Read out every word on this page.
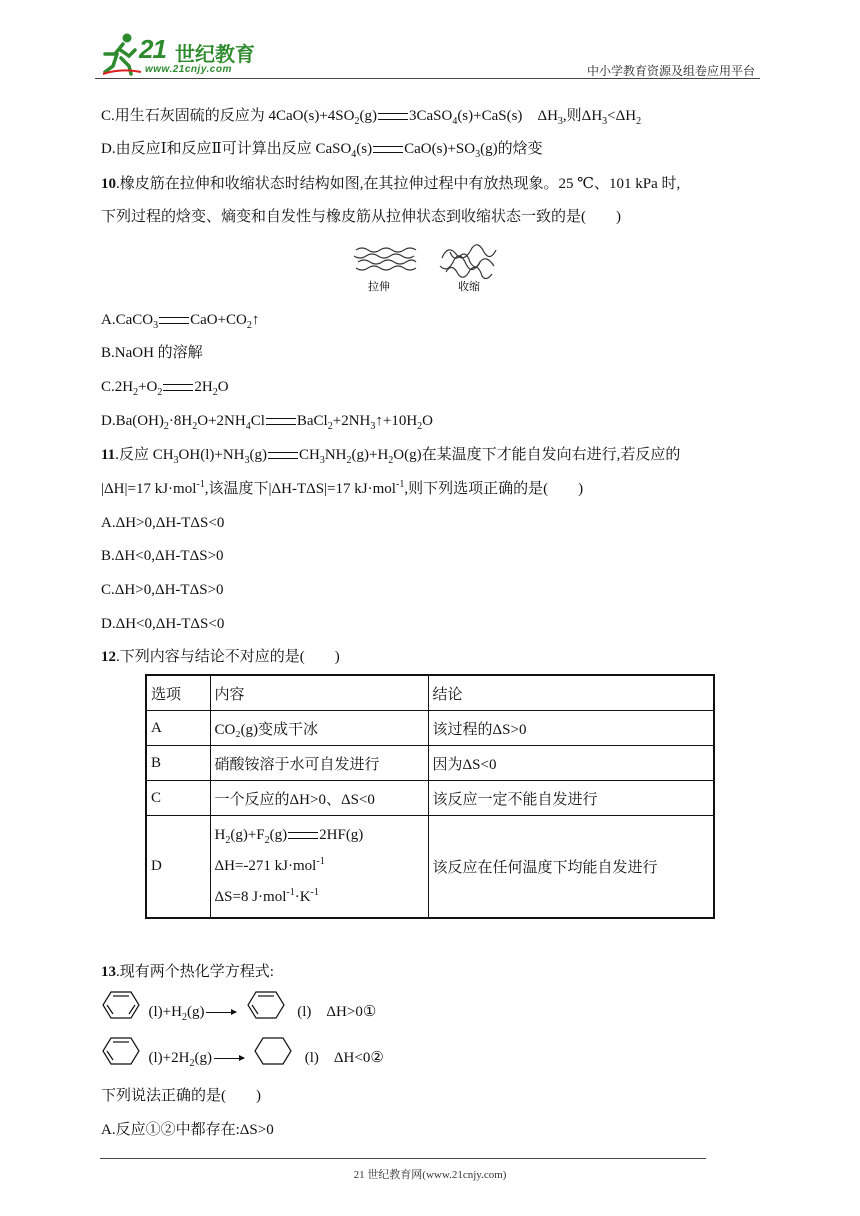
21 世纪教育
www.21cnjy.com	中小学教育资源及组卷应用平台
C.用生石灰固硫的反应为 $4CaO(s)+4SO_2(g)$ 3CaSO$_4$(s)+CaS(s) $\Delta H_3$,则$\Delta H_3<\Delta H_2$
D.由反应Ⅰ和反应Ⅱ可计算出反应 CaSO$_4$(s) $CaO(s)+SO_3(g)$的焓变
10.橡皮筋在拉伸和收缩状态时结构如图,在其拉伸过程中有放热现象。25 ℃、101 kPa 时,
下列过程的焓变、熵变和自发性与橡皮筋从拉伸状态到收缩状态一致的是(　　)
拉伸	收缩
A.CaCO$_3$ $CaO+CO_2↑$
B.NaOH 的溶解
$C.2H_2+O_2$ $2H_2O$
$D.Ba(OH)_2\cdot 8H_2O+2NH_4Cl$ $BaCl_2+2NH_3↑+10H_2O$
11.反应 $CH_3OH(l)+NH_3(g)$ $CH_3NH_2(g)+H_2O(g)$在某温度下才能自发向右进行,若反应的
|ΔH|=17 kJ·mol$^{-1}$,该温度下|ΔH-TΔS|=17 kJ·mol$^{-1}$,则下列选项正确的是(　　)
A.ΔH>0,ΔH-TΔS<0
B.ΔH<0,ΔH-TΔS>0
C.ΔH>0,ΔH-TΔS>0
D.ΔH<0,ΔH-TΔS<0
12.下列内容与结论不对应的是(　　)
选项	内容	结论
A	CO₂(g)变成干冰	该过程的ΔS>0
B	硝酸铵溶于水可自发进行	因为ΔS<0
C	一个反应的ΔH>0、ΔS<0	该反应一定不能自发进行
D	$H_2(g)+F_2(g)$ 2HF(g)
ΔH=-271 kJ·mol$^{-1}$
ΔS=8 $J\cdot mol^{-1}\cdot K^{-1}$	该反应在任何温度下均能自发进行
13.现有两个热化学方程式:
$(l)+H_2(g)$	(l) ΔH>0①
$(l)+2H_2(g)$	(l) ΔH<0②
下列说法正确的是(　　)
A.反应①②中都存在:ΔS>0
21 世纪教育网(www.21cnjy.com)
